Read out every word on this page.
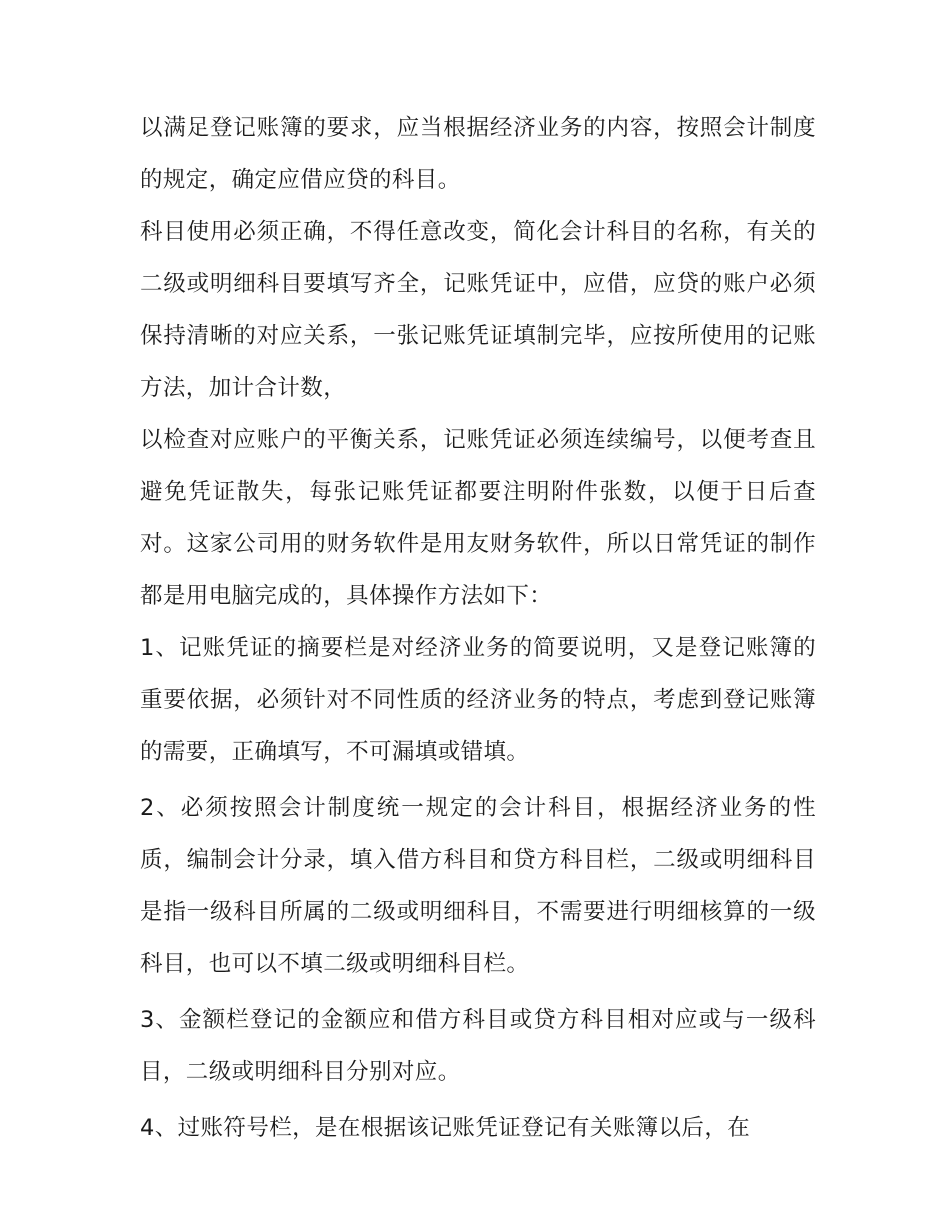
以满足登记账簿的要求，应当根据经济业务的内容，按照会计制度的规定，确定应借应贷的科目。

科目使用必须正确，不得任意改变，简化会计科目的名称，有关的二级或明细科目要填写齐全，记账凭证中，应借，应贷的账户必须保持清晰的对应关系，一张记账凭证填制完毕，应按所使用的记账方法，加计合计数，

以检查对应账户的平衡关系，记账凭证必须连续编号，以便考查且避免凭证散失，每张记账凭证都要注明附件张数，以便于日后查对。这家公司用的财务软件是用友财务软件，所以日常凭证的制作都是用电脑完成的，具体操作方法如下：

1、记账凭证的摘要栏是对经济业务的简要说明，又是登记账簿的重要依据，必须针对不同性质的经济业务的特点，考虑到登记账簿的需要，正确填写，不可漏填或错填。

2、必须按照会计制度统一规定的会计科目，根据经济业务的性质，编制会计分录，填入借方科目和贷方科目栏，二级或明细科目是指一级科目所属的二级或明细科目，不需要进行明细核算的一级科目，也可以不填二级或明细科目栏。

3、金额栏登记的金额应和借方科目或贷方科目相对应或与一级科目，二级或明细科目分别对应。

4、过账符号栏，是在根据该记账凭证登记有关账簿以后，在
